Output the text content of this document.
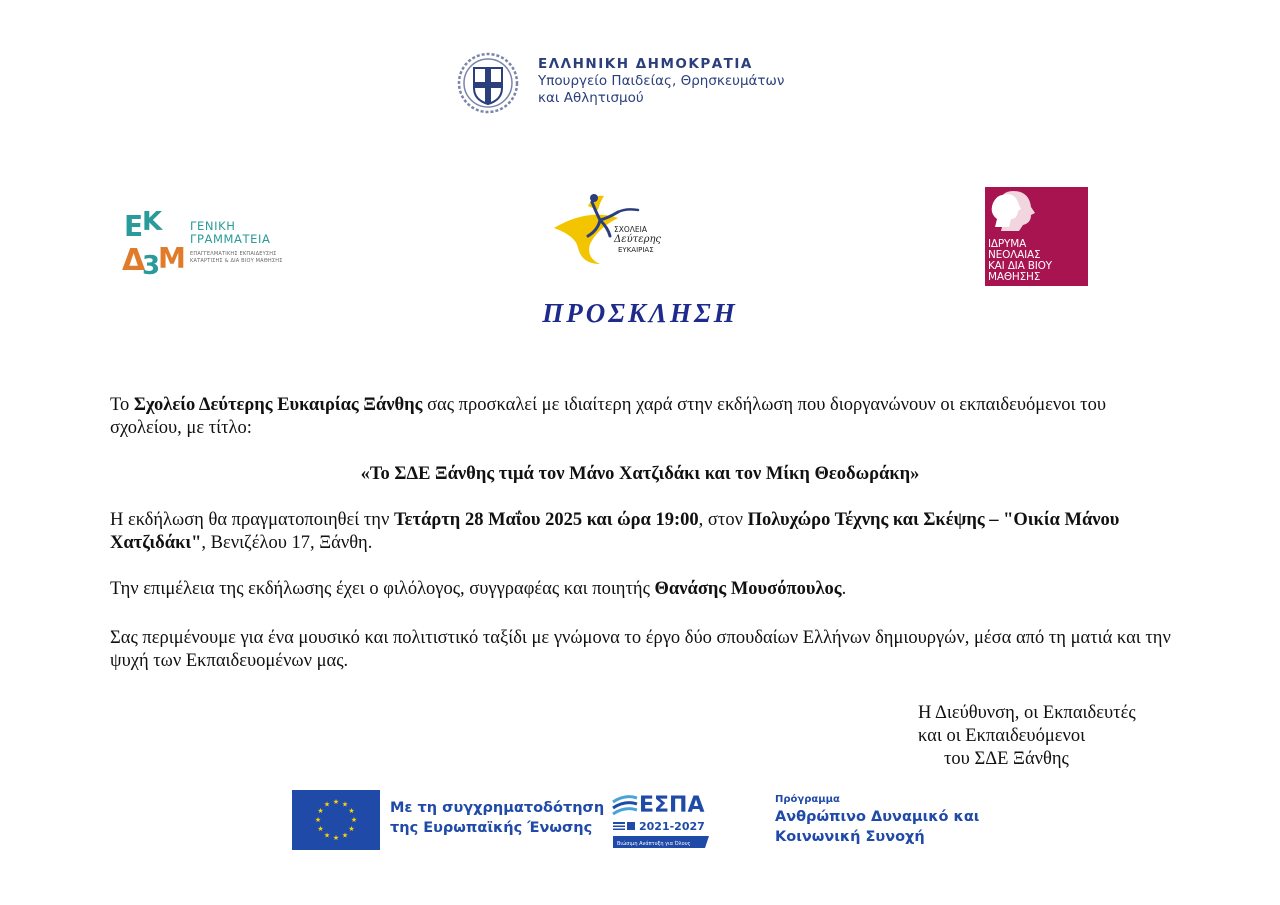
ΕΛΛΗΝΙΚΗ ΔΗΜΟΚΡΑΤΙΑ
Υπουργείο Παιδείας, Θρησκευμάτων
και Αθλητισμού
Ε
Κ
Δ
3
Μ
ΓΕΝΙΚΗ
ΓΡΑΜΜΑΤΕΙΑ
ΕΠΑΓΓΕΛΜΑΤΙΚΗΣ ΕΚΠΑΙΔΕΥΣΗΣ
ΚΑΤΑΡΤΙΣΗΣ & ΔΙΑ ΒΙΟΥ ΜΑΘΗΣΗΣ
ΣΧΟΛΕΙΑ
Δεύτερης
ΕΥΚΑΙΡΙΑΣ	ΙΔΡΥΜΑ
ΝΕΟΛΑΙΑΣ
ΚΑΙ ΔΙΑ ΒΙΟΥ
ΜΑΘΗΣΗΣ
ΠΡΟΣΚΛΗΣΗ
Το Σχολείο Δεύτερης Ευκαιρίας Ξάνθης σας προσκαλεί με ιδιαίτερη χαρά στην εκδήλωση που διοργανώνουν οι εκπαιδευόμενοι του σχολείου, με τίτλο:
«Το ΣΔΕ Ξάνθης τιμά τον Μάνο Χατζιδάκι και τον Μίκη Θεοδωράκη»
Η εκδήλωση θα πραγματοποιηθεί την Τετάρτη 28 Μαΐου 2025 και ώρα 19:00, στον Πολυχώρο Τέχνης και Σκέψης – "Οικία Μάνου Χατζιδάκι", Βενιζέλου 17, Ξάνθη.
Την επιμέλεια της εκδήλωσης έχει ο φιλόλογος, συγγραφέας και ποιητής Θανάσης Μουσόπουλος.
Σας περιμένουμε για ένα μουσικό και πολιτιστικό ταξίδι με γνώμονα το έργο δύο σπουδαίων Ελλήνων δημιουργών, μέσα από τη ματιά και την ψυχή των Εκπαιδευομένων μας.
Η Διεύθυνση, οι Εκπαιδευτές
και οι Εκπαιδευόμενοι
του ΣΔΕ Ξάνθης
★ ★
★
★
★
★
★
★
★
★
★
★	Με τη συγχρηματοδότηση
της Ευρωπαϊκής Ένωσης
ΕΣΠΑ
2021-2027
Βιώσιμη Ανάπτυξη για Όλους
Πρόγραμμα
Ανθρώπινο Δυναμικό και
Κοινωνική Συνοχή
